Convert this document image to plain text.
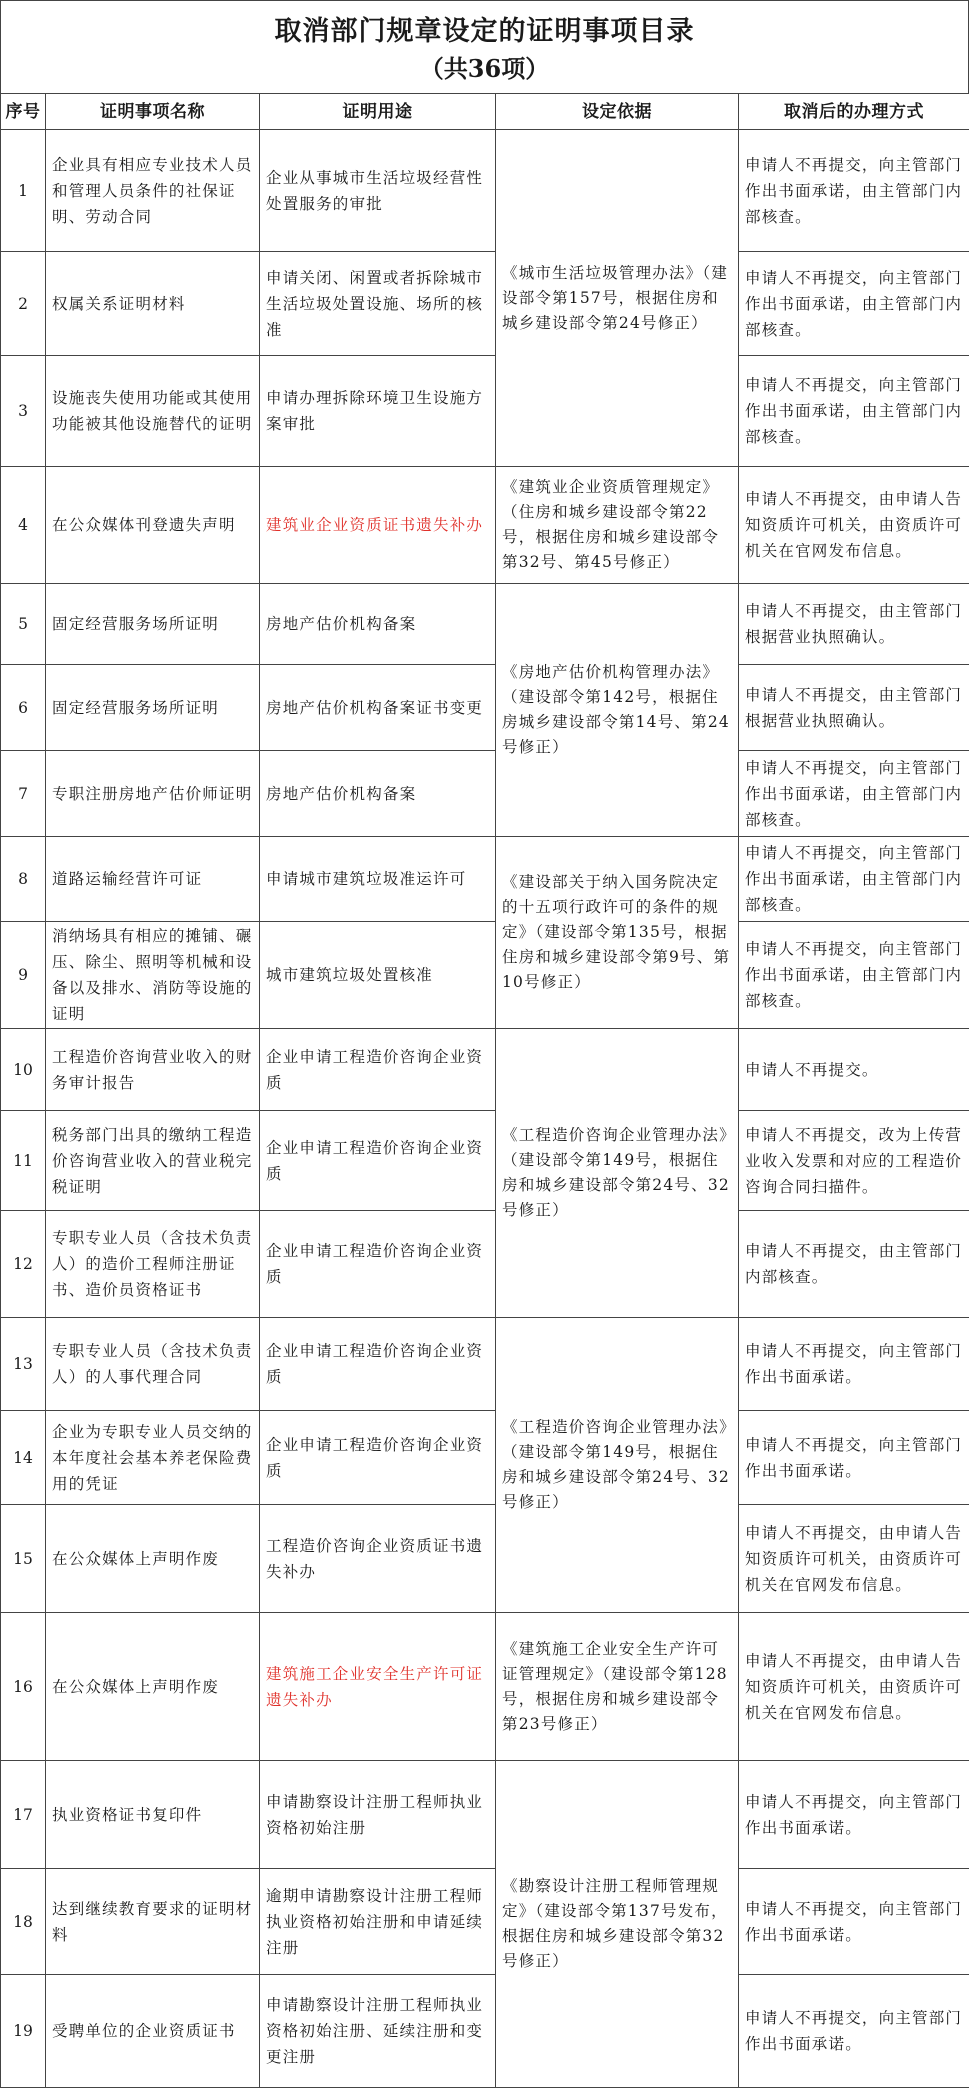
取消部门规章设定的证明事项目录
（共36项）
序号	证明事项名称	证明用途	设定依据	取消后的办理方式
1	企业具有相应专业技术人员和管理人员条件的社保证明、劳动合同	企业从事城市生活垃圾经营性处置服务的审批	《城市生活垃圾管理办法》（建设部令第157号，根据住房和城乡建设部令第24号修正）	申请人不再提交，向主管部门作出书面承诺，由主管部门内部核查。
2	权属关系证明材料	申请关闭、闲置或者拆除城市生活垃圾处置设施、场所的核准		申请人不再提交，向主管部门作出书面承诺，由主管部门内部核查。
3	设施丧失使用功能或其使用功能被其他设施替代的证明	申请办理拆除环境卫生设施方案审批		申请人不再提交，向主管部门作出书面承诺，由主管部门内部核查。
4	在公众媒体刊登遗失声明	建筑业企业资质证书遗失补办	《建筑业企业资质管理规定》（住房和城乡建设部令第22号，根据住房和城乡建设部令第32号、第45号修正）	申请人不再提交，由申请人告知资质许可机关，由资质许可机关在官网发布信息。
5	固定经营服务场所证明	房地产估价机构备案	《房地产估价机构管理办法》（建设部令第142号，根据住房城乡建设部令第14号、第24号修正）	申请人不再提交，由主管部门根据营业执照确认。
6	固定经营服务场所证明	房地产估价机构备案证书变更		申请人不再提交，由主管部门根据营业执照确认。
7	专职注册房地产估价师证明	房地产估价机构备案		申请人不再提交，向主管部门作出书面承诺，由主管部门内部核查。
8	道路运输经营许可证	申请城市建筑垃圾准运许可	《建设部关于纳入国务院决定的十五项行政许可的条件的规定》（建设部令第135号，根据住房和城乡建设部令第9号、第10号修正）	申请人不再提交，向主管部门作出书面承诺，由主管部门内部核查。
9	消纳场具有相应的摊铺、碾压、除尘、照明等机械和设备以及排水、消防等设施的证明	城市建筑垃圾处置核准		申请人不再提交，向主管部门作出书面承诺，由主管部门内部核查。
10	工程造价咨询营业收入的财务审计报告	企业申请工程造价咨询企业资质	《工程造价咨询企业管理办法》（建设部令第149号，根据住房和城乡建设部令第24号、32号修正）	申请人不再提交。
11	税务部门出具的缴纳工程造价咨询营业收入的营业税完税证明	企业申请工程造价咨询企业资质		申请人不再提交，改为上传营业收入发票和对应的工程造价咨询合同扫描件。
12	专职专业人员（含技术负责人）的造价工程师注册证书、造价员资格证书	企业申请工程造价咨询企业资质		申请人不再提交，由主管部门内部核查。
13	专职专业人员（含技术负责人）的人事代理合同	企业申请工程造价咨询企业资质	《工程造价咨询企业管理办法》（建设部令第149号，根据住房和城乡建设部令第24号、32号修正）	申请人不再提交，向主管部门作出书面承诺。
14	企业为专职专业人员交纳的本年度社会基本养老保险费用的凭证	企业申请工程造价咨询企业资质		申请人不再提交，向主管部门作出书面承诺。
15	在公众媒体上声明作废	工程造价咨询企业资质证书遗失补办		申请人不再提交，由申请人告知资质许可机关，由资质许可机关在官网发布信息。
16	在公众媒体上声明作废	建筑施工企业安全生产许可证遗失补办	《建筑施工企业安全生产许可证管理规定》（建设部令第128号，根据住房和城乡建设部令第23号修正）	申请人不再提交，由申请人告知资质许可机关，由资质许可机关在官网发布信息。
17	执业资格证书复印件	申请勘察设计注册工程师执业资格初始注册	《勘察设计注册工程师管理规定》（建设部令第137号发布，根据住房和城乡建设部令第32号修正）	申请人不再提交，向主管部门作出书面承诺。
18	达到继续教育要求的证明材料	逾期申请勘察设计注册工程师执业资格初始注册和申请延续注册		申请人不再提交，向主管部门作出书面承诺。
19	受聘单位的企业资质证书	申请勘察设计注册工程师执业资格初始注册、延续注册和变更注册		申请人不再提交，向主管部门作出书面承诺。
